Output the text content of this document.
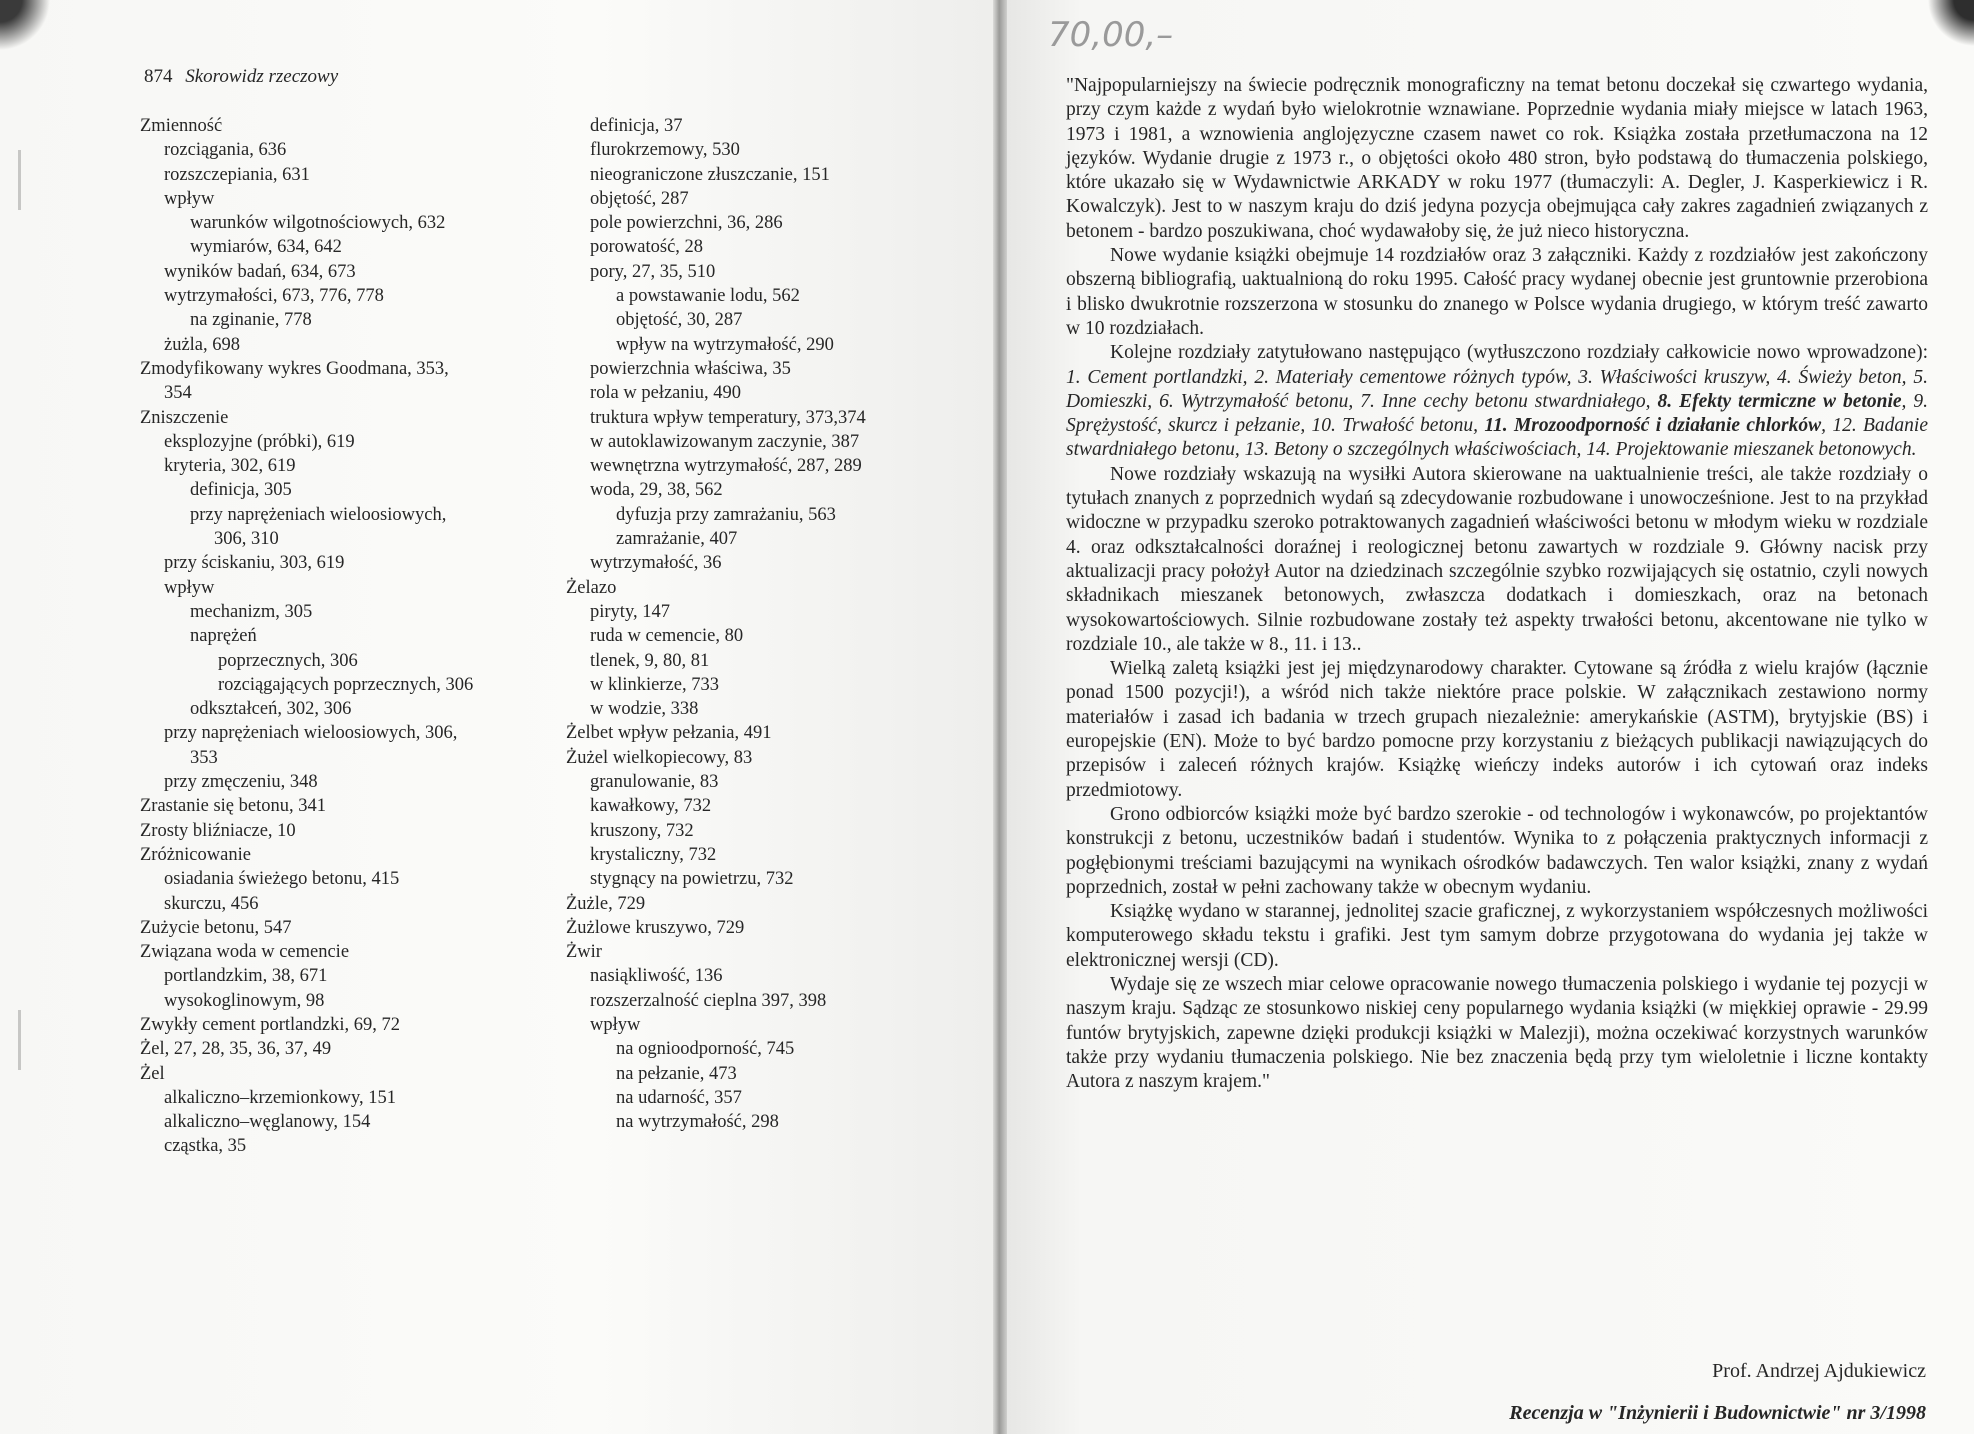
874 Skorowidz rzeczowy
Zmienność
rozciągania, 636
rozszczepiania, 631
wpływ
warunków wilgotnościowych, 632
wymiarów, 634, 642
wyników badań, 634, 673
wytrzymałości, 673, 776, 778
na zginanie, 778
żużla, 698
Zmodyfikowany wykres Goodmana, 353,
354
Zniszczenie
eksplozyjne (próbki), 619
kryteria, 302, 619
definicja, 305
przy naprężeniach wieloosiowych,
306, 310
przy ściskaniu, 303, 619
wpływ
mechanizm, 305
naprężeń
poprzecznych, 306
rozciągających poprzecznych, 306
odkształceń, 302, 306
przy naprężeniach wieloosiowych, 306,
353
przy zmęczeniu, 348
Zrastanie się betonu, 341
Zrosty bliźniacze, 10
Zróżnicowanie
osiadania świeżego betonu, 415
skurczu, 456
Zużycie betonu, 547
Związana woda w cemencie
portlandzkim, 38, 671
wysokoglinowym, 98
Zwykły cement portlandzki, 69, 72
Żel, 27, 28, 35, 36, 37, 49
Żel
alkaliczno–krzemionkowy, 151
alkaliczno–węglanowy, 154
cząstka, 35
definicja, 37
flurokrzemowy, 530
nieograniczone złuszczanie, 151
objętość, 287
pole powierzchni, 36, 286
porowatość, 28
pory, 27, 35, 510
a powstawanie lodu, 562
objętość, 30, 287
wpływ na wytrzymałość, 290
powierzchnia właściwa, 35
rola w pełzaniu, 490
truktura wpływ temperatury, 373,374
w autoklawizowanym zaczynie, 387
wewnętrzna wytrzymałość, 287, 289
woda, 29, 38, 562
dyfuzja przy zamrażaniu, 563
zamrażanie, 407
wytrzymałość, 36
Żelazo
piryty, 147
ruda w cemencie, 80
tlenek, 9, 80, 81
w klinkierze, 733
w wodzie, 338
Żelbet wpływ pełzania, 491
Żużel wielkopiecowy, 83
granulowanie, 83
kawałkowy, 732
kruszony, 732
krystaliczny, 732
stygnący na powietrzu, 732
Żużle, 729
Żużlowe kruszywo, 729
Żwir
nasiąkliwość, 136
rozszerzalność cieplna 397, 398
wpływ
na ognioodporność, 745
na pełzanie, 473
na udarność, 357
na wytrzymałość, 298
70,00,–

"Najpopularniejszy na świecie podręcznik monograficzny na temat betonu doczekał się czwartego wydania, przy czym każde z wydań było wielokrotnie wznawiane. Poprzednie wydania miały miejsce w latach 1963, 1973 i 1981, a wznowienia anglojęzyczne czasem nawet co rok. Książka została przetłumaczona na 12 języków. Wydanie drugie z 1973 r., o objętości około 480 stron, było podstawą do tłumaczenia polskiego, które ukazało się w Wydawnictwie ARKADY w roku 1977 (tłumaczyli: A. Degler, J. Kasperkiewicz i R. Kowalczyk). Jest to w naszym kraju do dziś jedyna pozycja obejmująca cały zakres zagadnień związanych z betonem - bardzo poszukiwana, choć wydawałoby się, że już nieco historyczna.

Nowe wydanie książki obejmuje 14 rozdziałów oraz 3 załączniki. Każdy z rozdziałów jest zakończony obszerną bibliografią, uaktualnioną do roku 1995. Całość pracy wydanej obecnie jest gruntownie przerobiona i blisko dwukrotnie rozszerzona w stosunku do znanego w Polsce wydania drugiego, w którym treść zawarto w 10 rozdziałach.

Kolejne rozdziały zatytułowano następująco (wytłuszczono rozdziały całkowicie nowo wprowadzone): 1. Cement portlandzki, 2. Materiały cementowe różnych typów, 3. Właściwości kruszyw, 4. Świeży beton, 5. Domieszki, 6. Wytrzymałość betonu, 7. Inne cechy betonu stwardniałego, 8. Efekty termiczne w betonie, 9. Sprężystość, skurcz i pełzanie, 10. Trwałość betonu, 11. Mrozoodporność i działanie chlorków, 12. Badanie stwardniałego betonu, 13. Betony o szczególnych właściwościach, 14. Projektowanie mieszanek betonowych.

Nowe rozdziały wskazują na wysiłki Autora skierowane na uaktualnienie treści, ale także rozdziały o tytułach znanych z poprzednich wydań są zdecydowanie rozbudowane i unowocześnione. Jest to na przykład widoczne w przypadku szeroko potraktowanych zagadnień właściwości betonu w młodym wieku w rozdziale 4. oraz odkształcalności doraźnej i reologicznej betonu zawartych w rozdziale 9. Główny nacisk przy aktualizacji pracy położył Autor na dziedzinach szczególnie szybko rozwijających się ostatnio, czyli nowych składnikach mieszanek betonowych, zwłaszcza dodatkach i domieszkach, oraz na betonach wysokowartościowych. Silnie rozbudowane zostały też aspekty trwałości betonu, akcentowane nie tylko w rozdziale 10., ale także w 8., 11. i 13..

Wielką zaletą książki jest jej międzynarodowy charakter. Cytowane są źródła z wielu krajów (łącznie ponad 1500 pozycji!), a wśród nich także niektóre prace polskie. W załącznikach zestawiono normy materiałów i zasad ich badania w trzech grupach niezależnie: amerykańskie (ASTM), brytyjskie (BS) i europejskie (EN). Może to być bardzo pomocne przy korzystaniu z bieżących publikacji nawiązujących do przepisów i zaleceń różnych krajów. Książkę wieńczy indeks autorów i ich cytowań oraz indeks przedmiotowy.

Grono odbiorców książki może być bardzo szerokie - od technologów i wykonawców, po projektantów konstrukcji z betonu, uczestników badań i studentów. Wynika to z połączenia praktycznych informacji z pogłębionymi treściami bazującymi na wynikach ośrodków badawczych. Ten walor książki, znany z wydań poprzednich, został w pełni zachowany także w obecnym wydaniu.

Książkę wydano w starannej, jednolitej szacie graficznej, z wykorzystaniem współczesnych możliwości komputerowego składu tekstu i grafiki. Jest tym samym dobrze przygotowana do wydania jej także w elektronicznej wersji (CD).

Wydaje się ze wszech miar celowe opracowanie nowego tłumaczenia polskiego i wydanie tej pozycji w naszym kraju. Sądząc ze stosunkowo niskiej ceny popularnego wydania książki (w miękkiej oprawie - 29.99 funtów brytyjskich, zapewne dzięki produkcji książki w Malezji), można oczekiwać korzystnych warunków także przy wydaniu tłumaczenia polskiego. Nie bez znaczenia będą przy tym wieloletnie i liczne kontakty Autora z naszym krajem."

Prof. Andrzej Ajdukiewicz
Recenzja w "Inżynierii i Budownictwie" nr 3/1998
